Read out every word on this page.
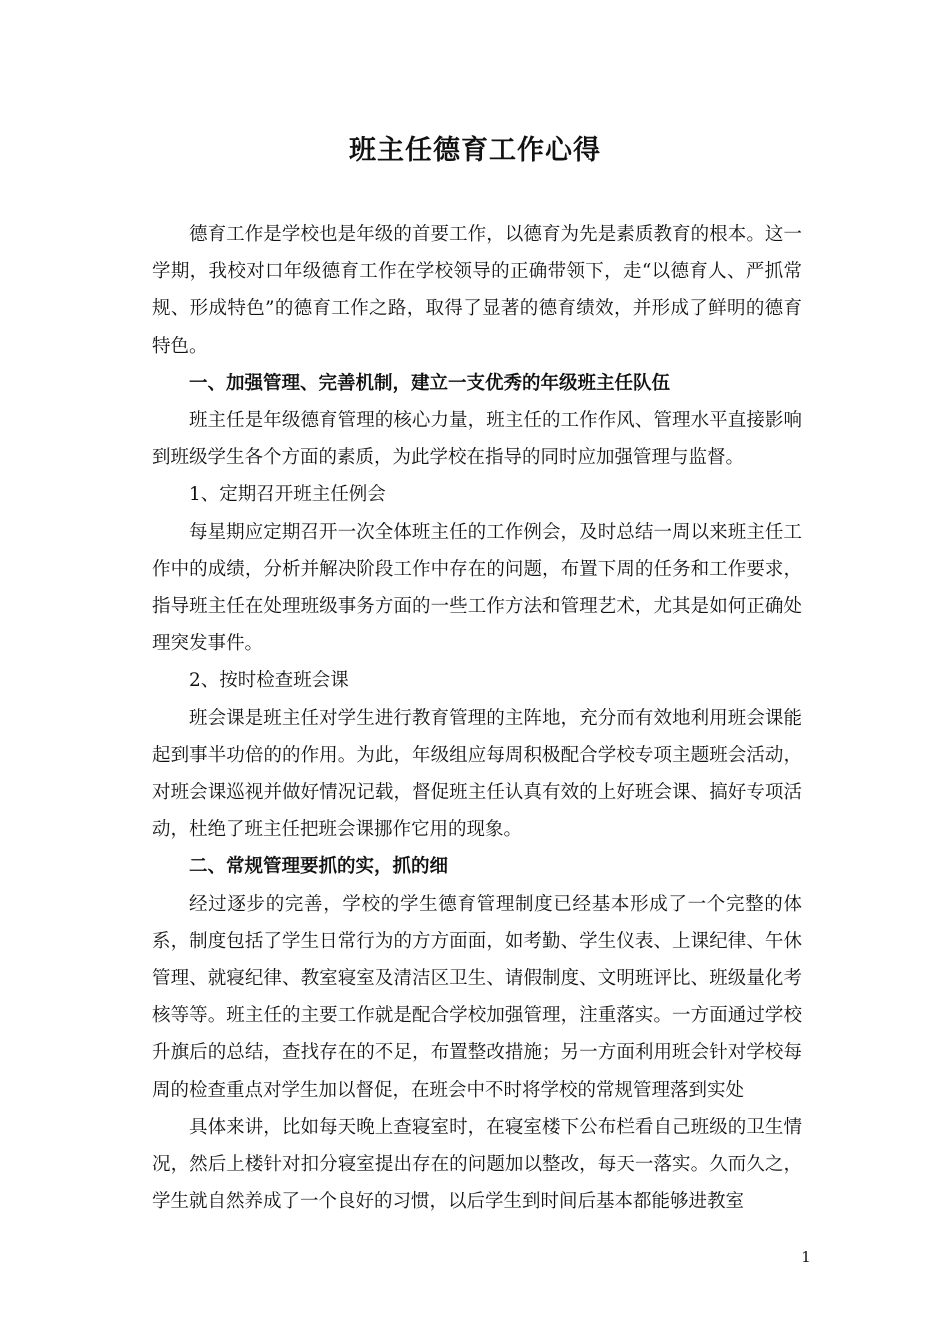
班主任德育工作心得

德育工作是学校也是年级的首要工作，以德育为先是素质教育的根本。这一学期，我校对口年级德育工作在学校领导的正确带领下，走“以德育人、严抓常规、形成特色”的德育工作之路，取得了显著的德育绩效，并形成了鲜明的德育特色。

一、加强管理、完善机制，建立一支优秀的年级班主任队伍

班主任是年级德育管理的核心力量，班主任的工作作风、管理水平直接影响到班级学生各个方面的素质，为此学校在指导的同时应加强管理与监督。

1、定期召开班主任例会

每星期应定期召开一次全体班主任的工作例会，及时总结一周以来班主任工作中的成绩，分析并解决阶段工作中存在的问题，布置下周的任务和工作要求，指导班主任在处理班级事务方面的一些工作方法和管理艺术，尤其是如何正确处理突发事件。

2、按时检查班会课

班会课是班主任对学生进行教育管理的主阵地，充分而有效地利用班会课能起到事半功倍的的作用。为此，年级组应每周积极配合学校专项主题班会活动，对班会课巡视并做好情况记载，督促班主任认真有效的上好班会课、搞好专项活动，杜绝了班主任把班会课挪作它用的现象。

二、常规管理要抓的实，抓的细

经过逐步的完善，学校的学生德育管理制度已经基本形成了一个完整的体系，制度包括了学生日常行为的方方面面，如考勤、学生仪表、上课纪律、午休管理、就寝纪律、教室寝室及清洁区卫生、请假制度、文明班评比、班级量化考核等等。班主任的主要工作就是配合学校加强管理，注重落实。一方面通过学校升旗后的总结，查找存在的不足，布置整改措施；另一方面利用班会针对学校每周的检查重点对学生加以督促，在班会中不时将学校的常规管理落到实处

具体来讲，比如每天晚上查寝室时，在寝室楼下公布栏看自己班级的卫生情况，然后上楼针对扣分寝室提出存在的问题加以整改，每天一落实。久而久之，学生就自然养成了一个良好的习惯，以后学生到时间后基本都能够进教室

1
